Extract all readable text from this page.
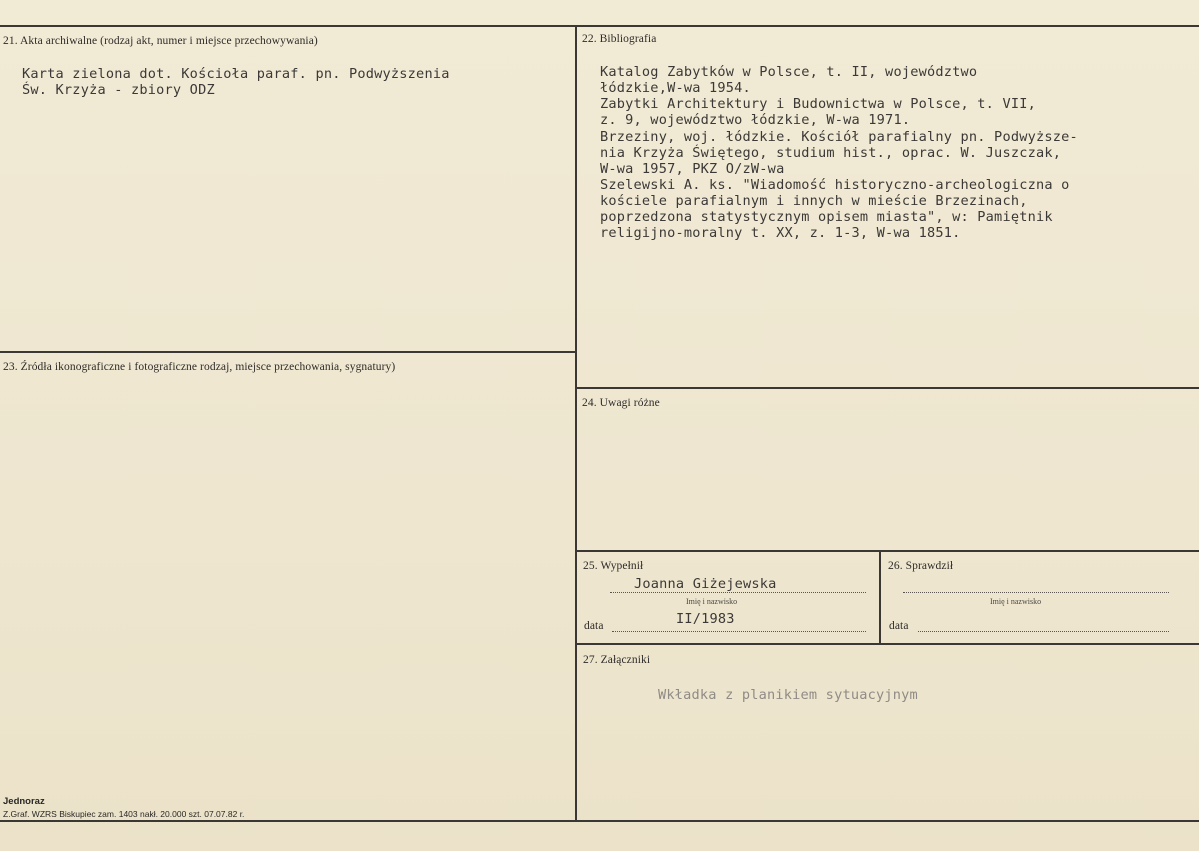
21. Akta archiwalne (rodzaj akt, numer i miejsce przechowywania)
Karta zielona dot. Kościoła paraf. pn. Podwyższenia
Św. Krzyża - zbiory ODZ
22. Bibliografia
Katalog Zabytków w Polsce, t. II, województwo
łódzkie,W-wa 1954.
Zabytki Architektury i Budownictwa w Polsce, t. VII,
z. 9, województwo łódzkie, W-wa 1971.
Brzeziny, woj. łódzkie. Kościół parafialny pn. Podwyższe-
nia Krzyża Świętego, studium hist., oprac. W. Juszczak,
W-wa 1957, PKZ O/zW-wa
Szelewski A. ks. "Wiadomość historyczno-archeologiczna o
kościele parafialnym i innych w mieście Brzezinach,
poprzedzona statystycznym opisem miasta", w: Pamiętnik
religijno-moralny t. XX, z. 1-3, W-wa 1851.
23. Źródła ikonograficzne i fotograficzne rodzaj, miejsce przechowania, sygnatury)
24. Uwagi różne
25. Wypełnił
Joanna Giżejewska
Imię i nazwisko
data	II/1983
26. Sprawdził
Imię i nazwisko
data
27. Załączniki
Wkładka z planikiem sytuacyjnym
Jednoraz
Z.Graf. WZRS Biskupiec zam. 1403 nakł. 20.000 szt. 07.07.82 r.
